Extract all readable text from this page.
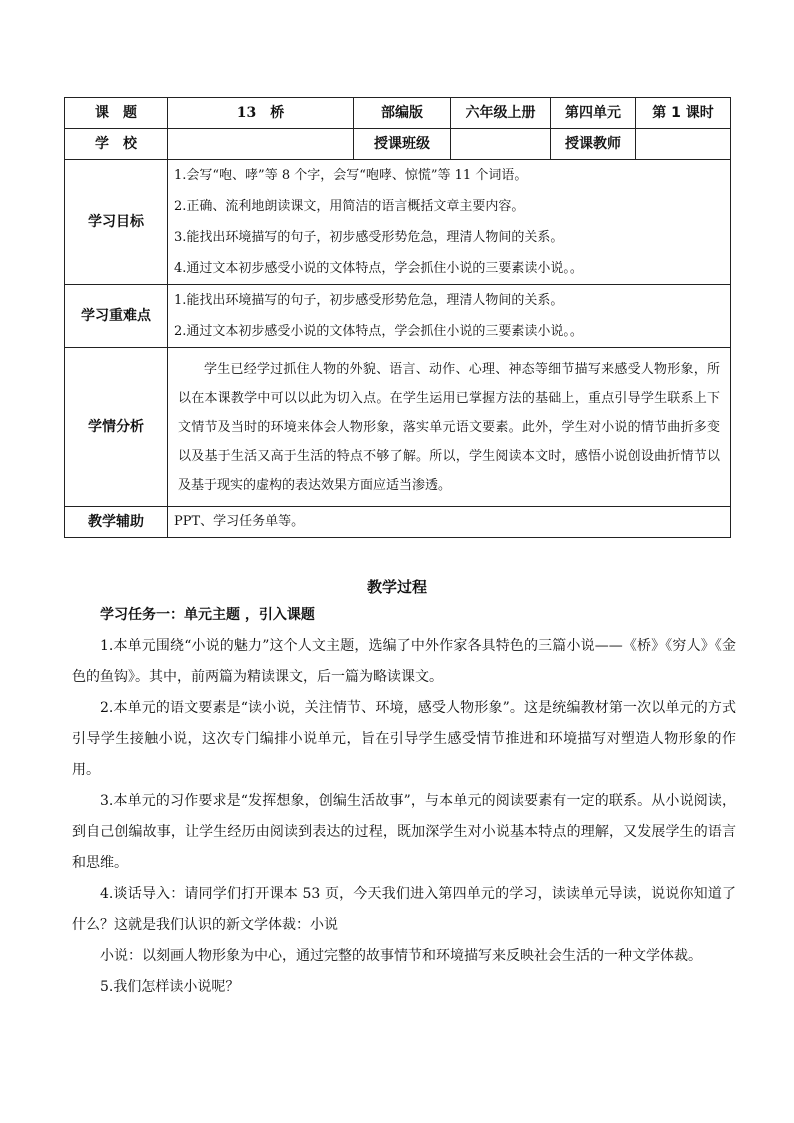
课　题	13　桥	部编版	六年级上册	第四单元	第 1 课时
学　校		授课班级		授课教师	
学习目标	1.会写“咆、哮”等 8 个字，会写“咆哮、惊慌”等 11 个词语。
2.正确、流利地朗读课文，用简洁的语言概括文章主要内容。
3.能找出环境描写的句子，初步感受形势危急，理清人物间的关系。
4.通过文本初步感受小说的文体特点，学会抓住小说的三要素读小说。。				

学习重难点	1.能找出环境描写的句子，初步感受形势危急，理清人物间的关系。
2.通过文本初步感受小说的文体特点，学会抓住小说的三要素读小说。。				

学情分析	学生已经学过抓住人物的外貌、语言、动作、心理、神态等细节描写来感受人物形象，所以在本课教学中可以以此为切入点。在学生运用已掌握方法的基础上，重点引导学生联系上下文情节及当时的环境来体会人物形象，落实单元语文要素。此外，学生对小说的情节曲折多变以及基于生活又高于生活的特点不够了解。所以，学生阅读本文时，感悟小说创设曲折情节以及基于现实的虚构的表达效果方面应适当渗透。				

教学辅助	PPT、学习任务单等。				
教学过程

学习任务一：单元主题 ，引入课题

1.本单元围绕“小说的魅力”这个人文主题，选编了中外作家各具特色的三篇小说——《桥》《穷人》《金色的鱼钩》。其中，前两篇为精读课文，后一篇为略读课文。

2.本单元的语文要素是“读小说，关注情节、环境，感受人物形象”。这是统编教材第一次以单元的方式引导学生接触小说，这次专门编排小说单元，旨在引导学生感受情节推进和环境描写对塑造人物形象的作用。

3.本单元的习作要求是“发挥想象，创编生活故事”，与本单元的阅读要素有一定的联系。从小说阅读，到自己创编故事，让学生经历由阅读到表达的过程，既加深学生对小说基本特点的理解，又发展学生的语言和思维。

4.谈话导入：请同学们打开课本 53 页，今天我们进入第四单元的学习，读读单元导读，说说你知道了什么？这就是我们认识的新文学体裁：小说

小说：以刻画人物形象为中心，通过完整的故事情节和环境描写来反映社会生活的一种文学体裁。

5.我们怎样读小说呢？
